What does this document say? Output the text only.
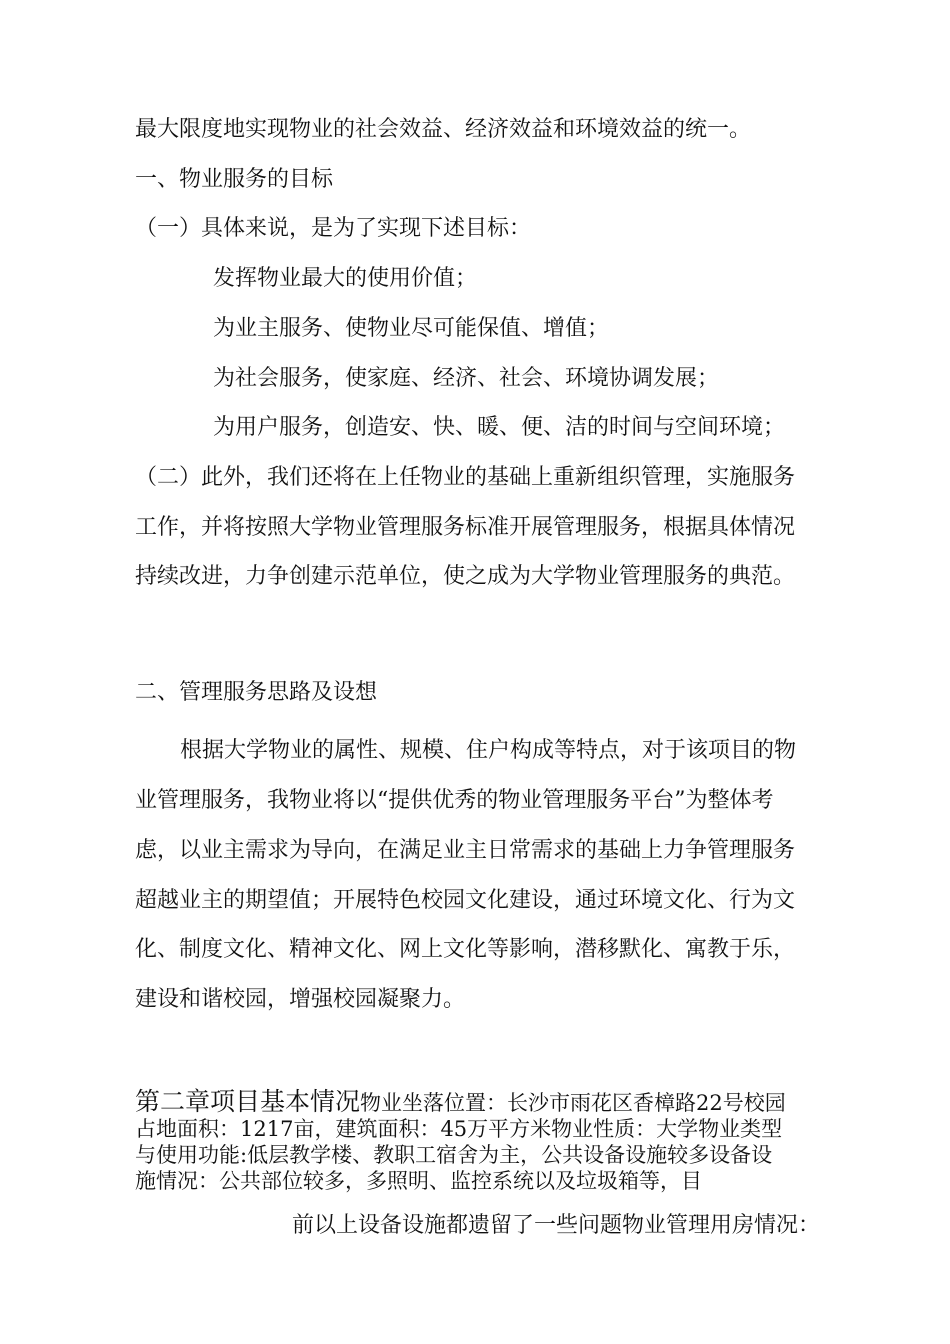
最大限度地实现物业的社会效益、经济效益和环境效益的统一。
一、物业服务的目标
（一）具体来说，是为了实现下述目标：
发挥物业最大的使用价值；
为业主服务、使物业尽可能保值、增值；
为社会服务，使家庭、经济、社会、环境协调发展；
为用户服务，创造安、快、暖、便、洁的时间与空间环境；
（二）此外，我们还将在上任物业的基础上重新组织管理，实施服务
工作，并将按照大学物业管理服务标准开展管理服务，根据具体情况
持续改进，力争创建示范单位，使之成为大学物业管理服务的典范。
二、管理服务思路及设想
根据大学物业的属性、规模、住户构成等特点，对于该项目的物
业管理服务，我物业将以“提供优秀的物业管理服务平台”为整体考
虑，以业主需求为导向，在满足业主日常需求的基础上力争管理服务
超越业主的期望值；开展特色校园文化建设，通过环境文化、行为文
化、制度文化、精神文化、网上文化等影响，潜移默化、寓教于乐，
建设和谐校园，增强校园凝聚力。
第二章项目基本情况物业坐落位置：长沙市雨花区香樟路22号校园
占地面积：1217亩，建筑面积：45万平方米物业性质：大学物业类型
与使用功能:低层教学楼、教职工宿舍为主，公共设备设施较多设备设
施情况：公共部位较多，多照明、监控系统以及垃圾箱等，目
前以上设备设施都遗留了一些问题物业管理用房情况：
